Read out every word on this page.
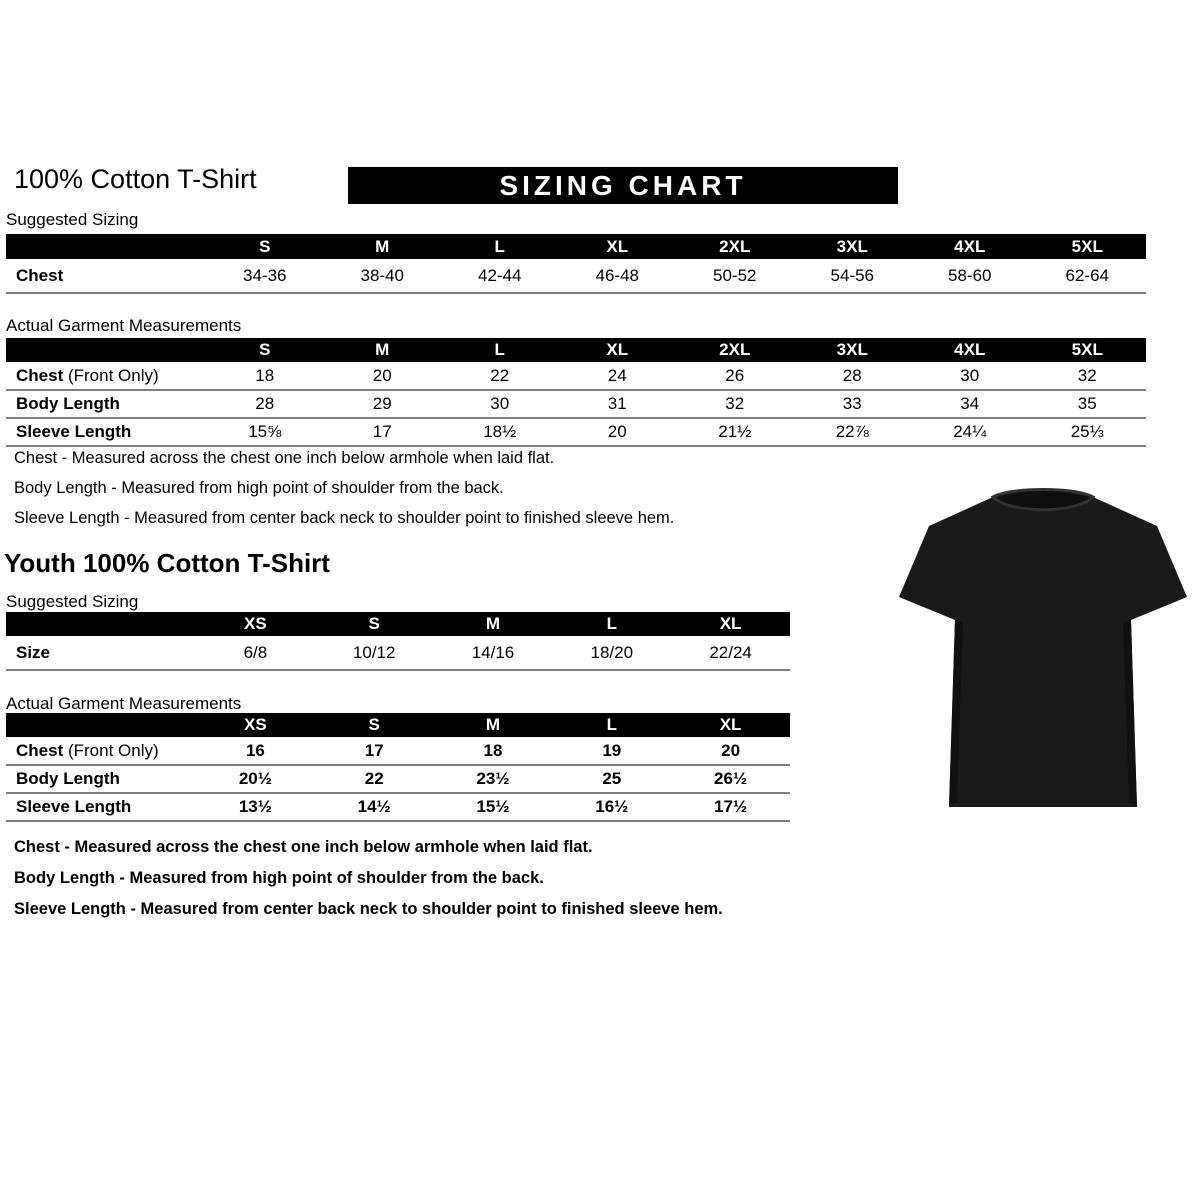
100% Cotton T-Shirt	SIZING CHART
Suggested Sizing
	S	M	L	XL	2XL	3XL	4XL	5XL
Chest	34-36	38-40	42-44	46-48	50-52	54-56	58-60	62-64
Actual Garment Measurements
	S	M	L	XL	2XL	3XL	4XL	5XL
Chest (Front Only)	18	20	22	24	26	28	30	32
Body Length	28	29	30	31	32	33	34	35
Sleeve Length	15⅝	17	18½	20	21½	22⅞	24¼	25⅓

Chest - Measured across the chest one inch below armhole when laid flat.

Body Length - Measured from high point of shoulder from the back.

Sleeve Length - Measured from center back neck to shoulder point to finished sleeve hem.

Youth 100% Cotton T-Shirt
Suggested Sizing
	XS	S	M	L	XL
Size	6/8	10/12	14/16	18/20	22/24
Actual Garment Measurements
	XS	S	M	L	XL
Chest (Front Only)	16	17	18	19	20
Body Length	20½	22	23½	25	26½
Sleeve Length	13½	14½	15½	16½	17½

Chest - Measured across the chest one inch below armhole when laid flat.

Body Length - Measured from high point of shoulder from the back.

Sleeve Length - Measured from center back neck to shoulder point to finished sleeve hem.
